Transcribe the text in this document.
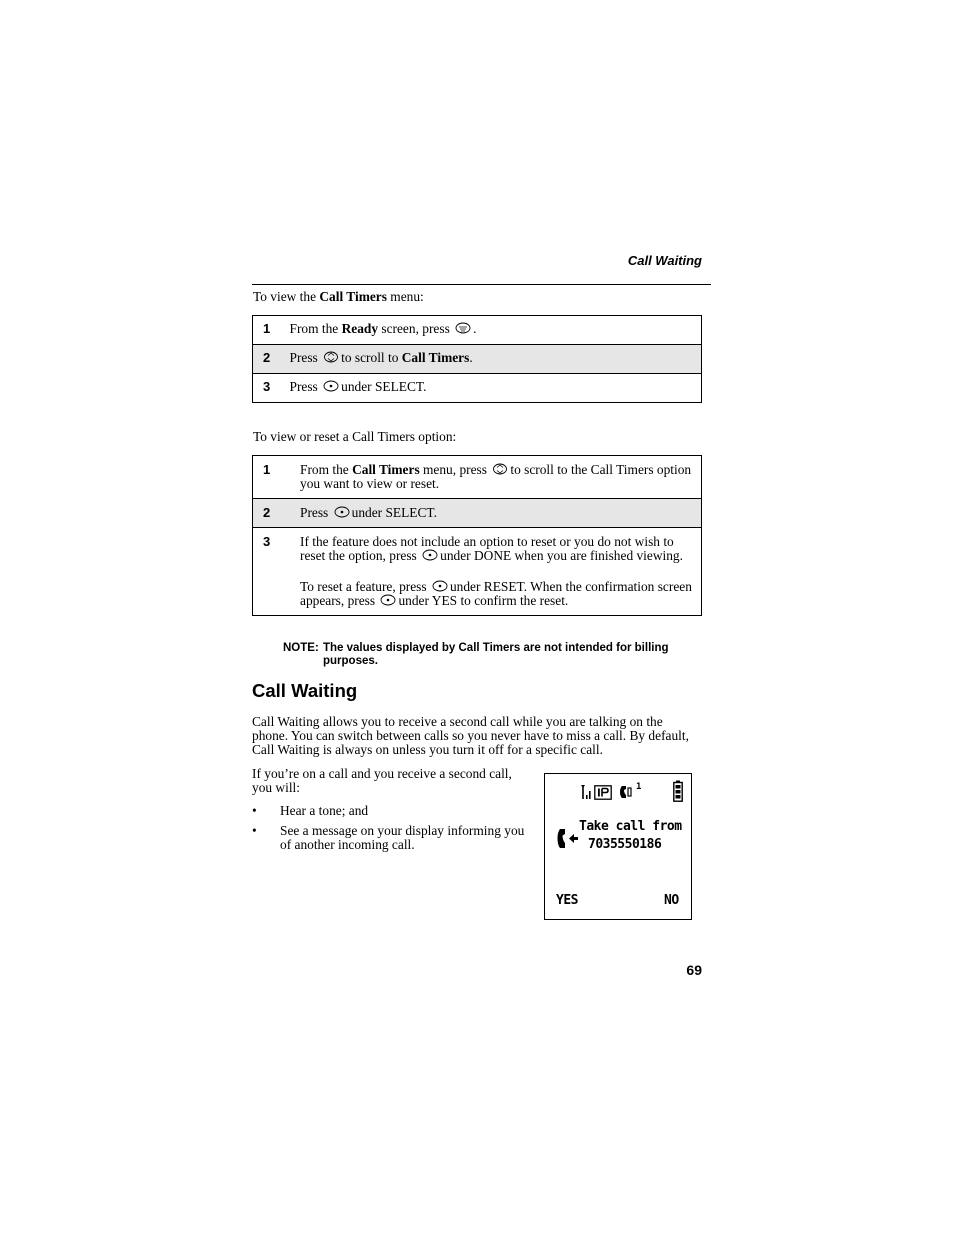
Call Waiting
To view the Call Timers menu:
1	From the Ready screen, press .
2	Press to scroll to Call Timers.
3	Press under SELECT.
To view or reset a Call Timers option:
1	From the Call Timers menu, press to scroll to the Call Timers option you want to view or reset.
2	Press under SELECT.
3	If the feature does not include an option to reset or you do not wish to reset the option, press under DONE when you are finished viewing.
To reset a feature, press under RESET. When the confirmation screen appears, press under YES to confirm the reset.
NOTE: The values displayed by Call Timers are not intended for billing purposes.
Call Waiting
Call Waiting allows you to receive a second call while you are talking on the phone. You can switch between calls so you never have to miss a call. By default, Call Waiting is always on unless you turn it off for a specific call.
If you’re on a call and you receive a second call, you will:
• Hear a tone; and
• See a message on your display informing you of another incoming call.
1
Take call from
7035550186
YES	NO
69
